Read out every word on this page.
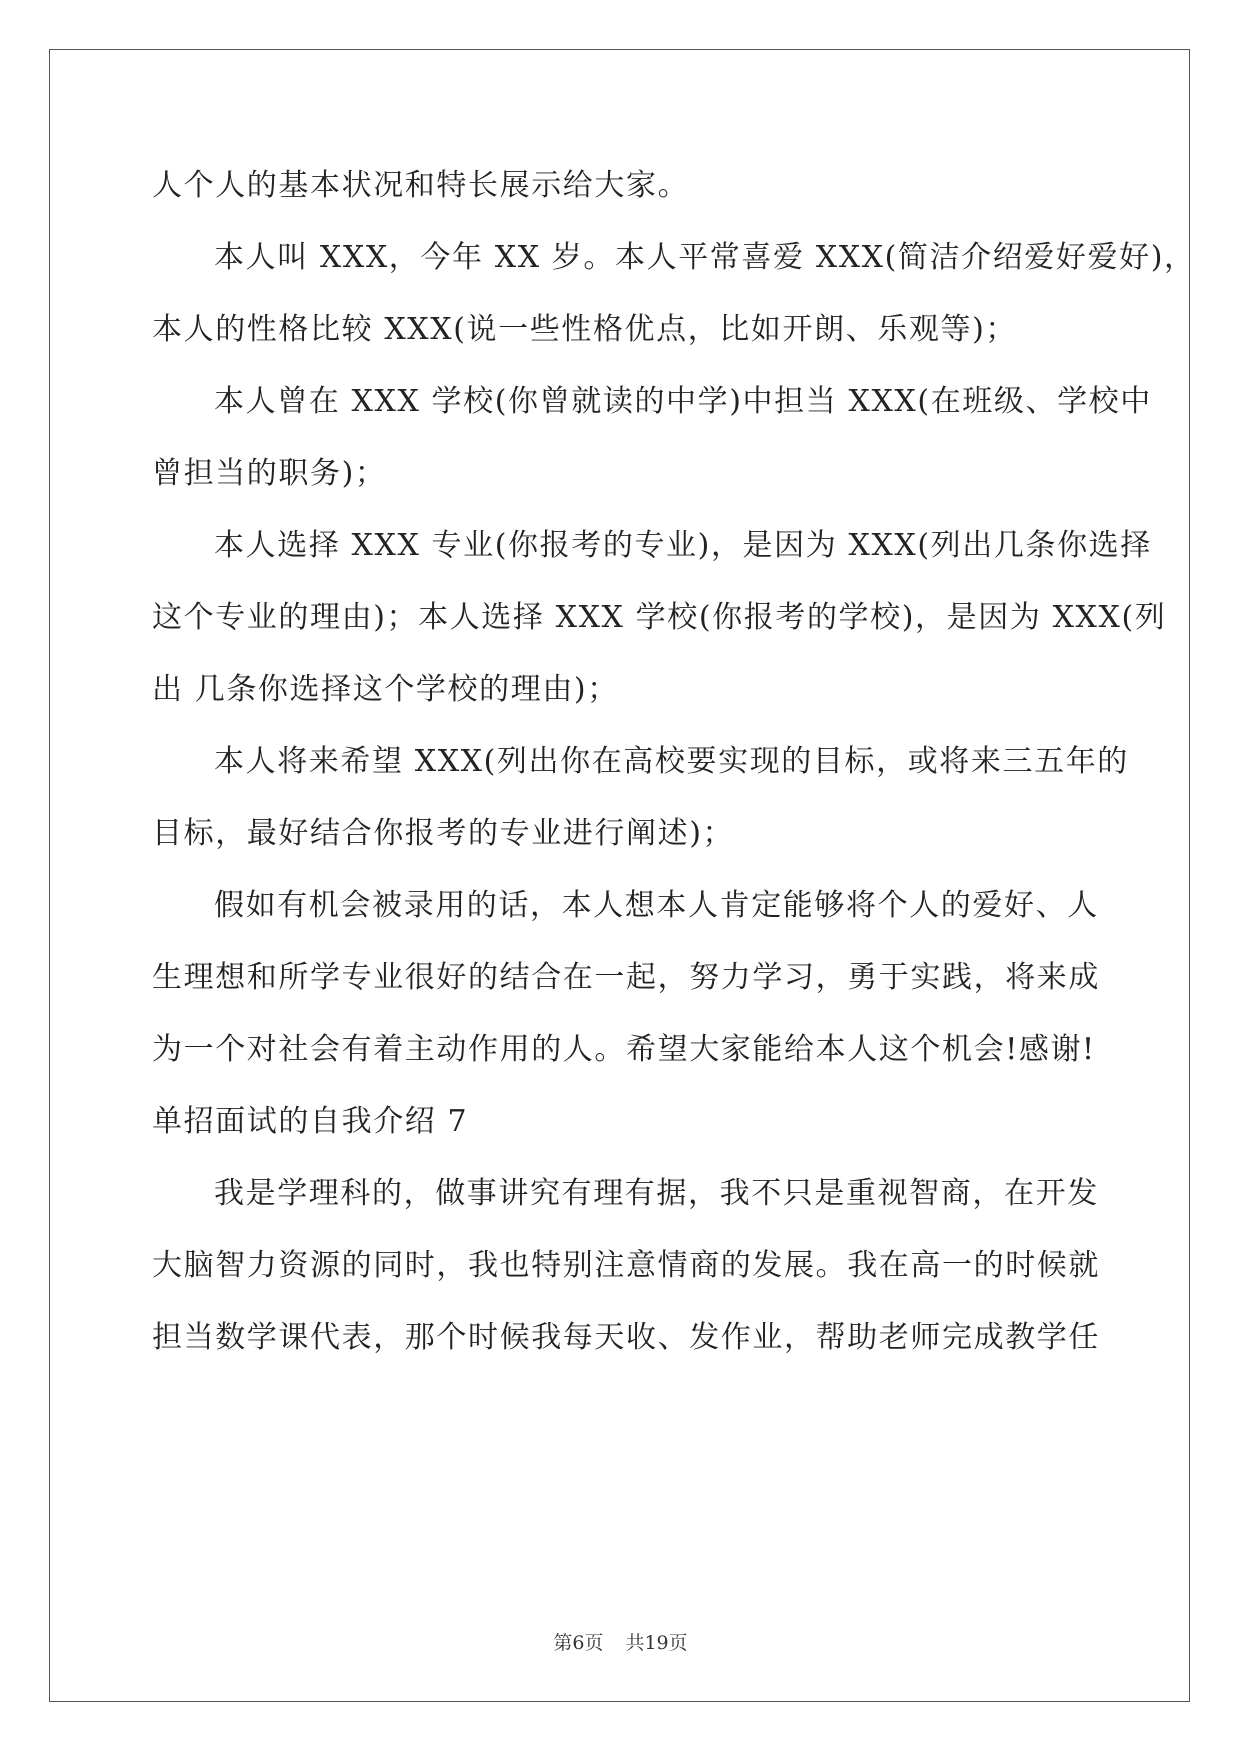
人个人的基本状况和特长展示给大家。
本人叫 XXX，今年 XX 岁。本人平常喜爱 XXX(简洁介绍爱好爱好)，
本人的性格比较 XXX(说一些性格优点，比如开朗、乐观等)；
本人曾在 XXX 学校(你曾就读的中学)中担当 XXX(在班级、学校中
曾担当的职务)；
本人选择 XXX 专业(你报考的专业)，是因为 XXX(列出几条你选择
这个专业的理由)；本人选择 XXX 学校(你报考的学校)，是因为 XXX(列
出 几条你选择这个学校的理由)；
本人将来希望 XXX(列出你在高校要实现的目标，或将来三五年的
目标，最好结合你报考的专业进行阐述)；
假如有机会被录用的话，本人想本人肯定能够将个人的爱好、人
生理想和所学专业很好的结合在一起，努力学习，勇于实践，将来成
为一个对社会有着主动作用的人。希望大家能给本人这个机会!感谢!
单招面试的自我介绍 7
我是学理科的，做事讲究有理有据，我不只是重视智商，在开发
大脑智力资源的同时，我也特别注意情商的发展。我在高一的时候就
担当数学课代表，那个时候我每天收、发作业，帮助老师完成教学任
第6页 共19页
